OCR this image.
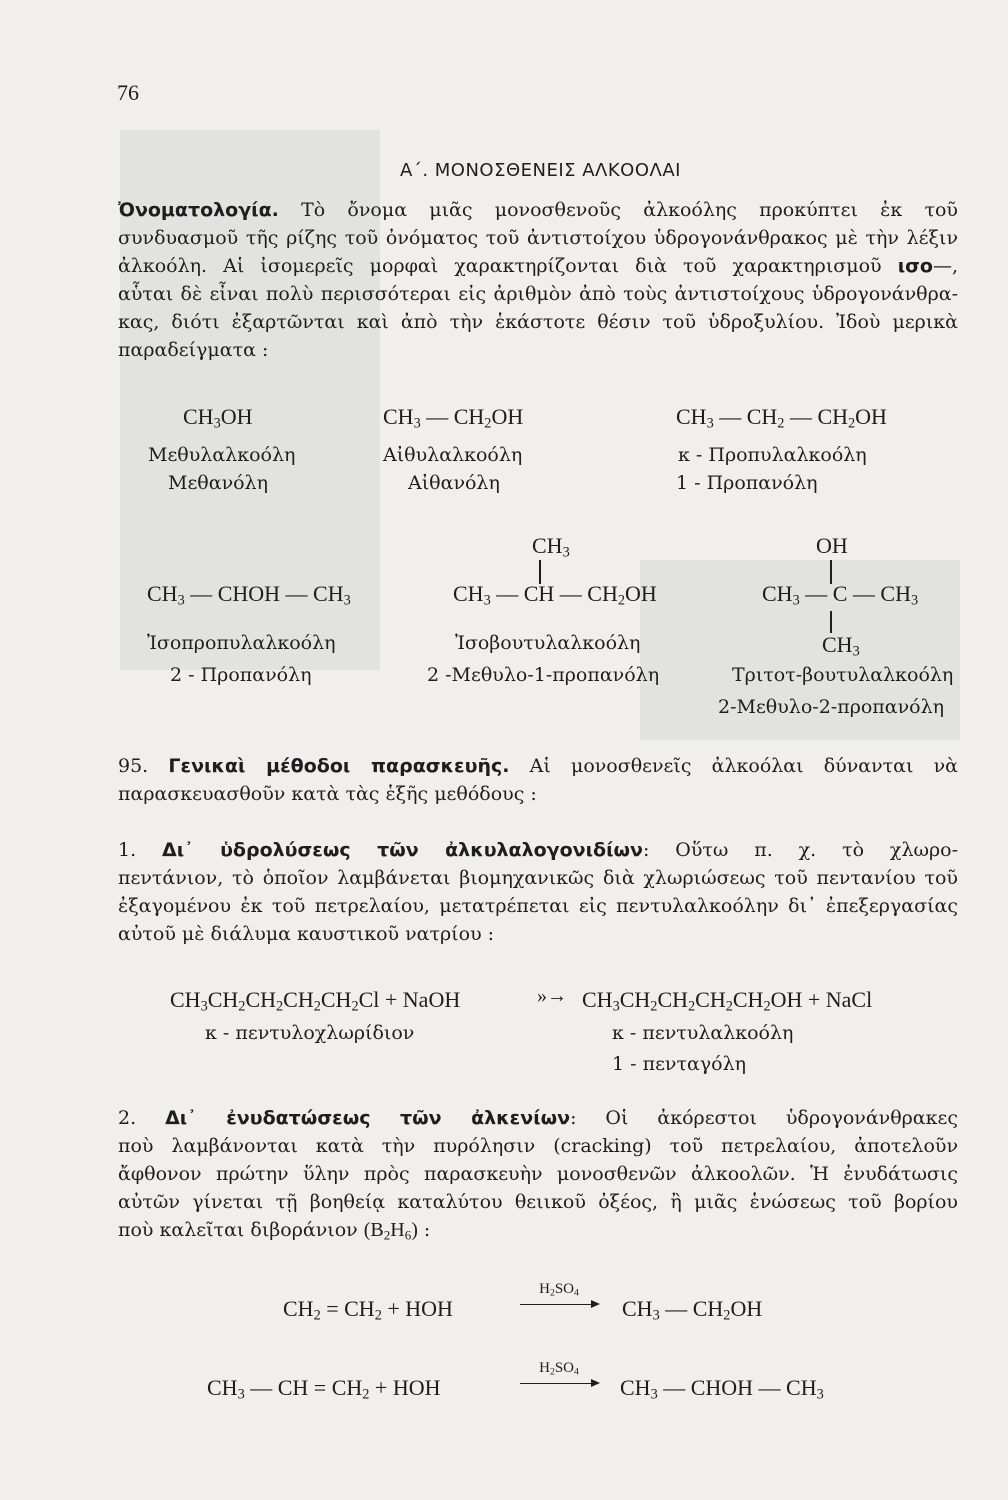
76
Α΄. ΜΟΝΟΣΘΕΝΕΙΣ ΑΛΚΟΟΛΑΙ
Ὀνοματολογία. Τὸ ὄνομα μιᾶς μονοσθενοῦς ἀλκοόλης προκύπτει ἐκ τοῦ
συνδυασμοῦ τῆς ρίζης τοῦ ὀνόματος τοῦ ἀντιστοίχου ὑδρογονάνθρακος μὲ τὴν λέξιν
ἀλκοόλη. Αἱ ἰσομερεῖς μορφαὶ χαρακτηρίζονται διὰ τοῦ χαρακτηρισμοῦ ισο—,
αὗται δὲ εἶναι πολὺ περισσότεραι εἰς ἀριθμὸν ἀπὸ τοὺς ἀντιστοίχους ὑδρογονάνθρα-
κας, διότι ἐξαρτῶνται καὶ ἀπὸ τὴν ἑκάστοτε θέσιν τοῦ ὑδροξυλίου. Ἰδοὺ μερικὰ
παραδείγματα :
$CH_3OH$
Μεθυλαλκοόλη
Μεθανόλη
$CH_3$ — $CH_2OH$
Αἰθυλαλκοόλη
Αἰθανόλη
$CH_3$ — $CH_2$ — $CH_2OH$
κ - Προπυλαλκοόλη
1 - Προπανόλη
$CH_3$ — CHOH — $CH_3$
Ἰσοπροπυλαλκοόλη
2 - Προπανόλη
$CH_3$
$CH_3$ — CH — $CH_2OH$
Ἰσοβουτυλαλκοόλη
2 -Μεθυλο-1-προπανόλη
OH
$CH_3$ — C — $CH_3$
$CH_3$
Τριτοτ-βουτυλαλκοόλη
2-Μεθυλο-2-προπανόλη
95. Γενικαὶ μέθοδοι παρασκευῆς. Αἱ μονοσθενεῖς ἀλκοόλαι δύνανται νὰ
παρασκευασθοῦν κατὰ τὰς ἑξῆς μεθόδους :
1. Δι᾽ ὑδρολύσεως τῶν ἀλκυλαλογονιδίων: Οὕτω π. χ. τὸ χλωρο-
πεντάνιον, τὸ ὁποῖον λαμβάνεται βιομηχανικῶς διὰ χλωριώσεως τοῦ πεντανίου τοῦ
ἐξαγομένου ἐκ τοῦ πετρελαίου, μετατρέπεται εἰς πεντυλαλκοόλην δι᾽ ἐπεξεργασίας
αὐτοῦ μὲ διάλυμα καυστικοῦ νατρίου :
$CH_3CH_2CH_2CH_2CH_2Cl$ + NaOH	»→ $CH_3CH_2CH_2CH_2CH_2OH$ + NaCl
κ - πεντυλοχλωρίδιον	κ - πεντυλαλκοόλη
1 - πενταγόλη
2. Δι᾽ ἐνυδατώσεως τῶν ἀλκενίων: Οἱ ἀκόρεστοι ὑδρογονάνθρακες
ποὺ λαμβάνονται κατὰ τὴν πυρόλησιν (cracking) τοῦ πετρελαίου, ἀποτελοῦν
ἄφθονον πρώτην ὕλην πρὸς παρασκευὴν μονοσθενῶν ἀλκοολῶν. Ἡ ἐνυδάτωσις
αὐτῶν γίνεται τῇ βοηθείᾳ καταλύτου θειικοῦ ὀξέος, ἢ μιᾶς ἑνώσεως τοῦ βορίου
ποὺ καλεῖται διβοράνιον $(B_2H_6)$ :
$CH_2 = CH_2$ + HOH
$H_2SO_4$
$CH_3$ — $CH_2OH$
$CH_3$ — CH = $CH_2$ + HOH
$H_2SO_4$
$CH_3$ — CHOH — $CH_3$
